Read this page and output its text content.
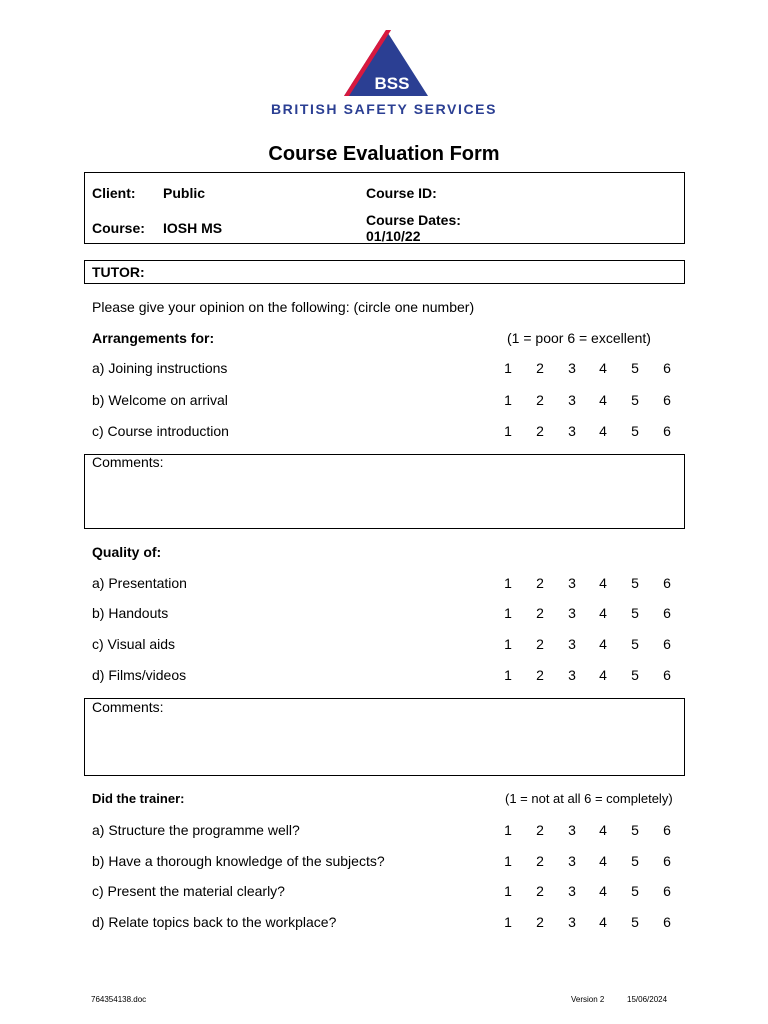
BSS
BRITISH SAFETY SERVICES
Course Evaluation Form
Client: Public	Course ID:
Course: IOSH MS	Course Dates:
01/10/22
TUTOR:
Please give your opinion on the following: (circle one number)
Arrangements for:	(1 = poor 6 = excellent)
a) Joining instructions	1	2	3	4	5	6
b) Welcome on arrival	1	2	3	4	5	6
c) Course introduction	1	2	3	4	5	6
Comments:
Quality of:
a) Presentation	1	2	3	4	5	6
b) Handouts	1	2	3	4	5	6
c) Visual aids	1	2	3	4	5	6
d) Films/videos	1	2	3	4	5	6
Comments:
Did the trainer:	(1 = not at all 6 = completely)
a) Structure the programme well?	1	2	3	4	5	6
b) Have a thorough knowledge of the subjects?	1	2	3	4	5	6
c) Present the material clearly?	1	2	3	4	5	6
d) Relate topics back to the workplace?	1	2	3	4	5	6
764354138.doc	Version 2	15/06/2024
